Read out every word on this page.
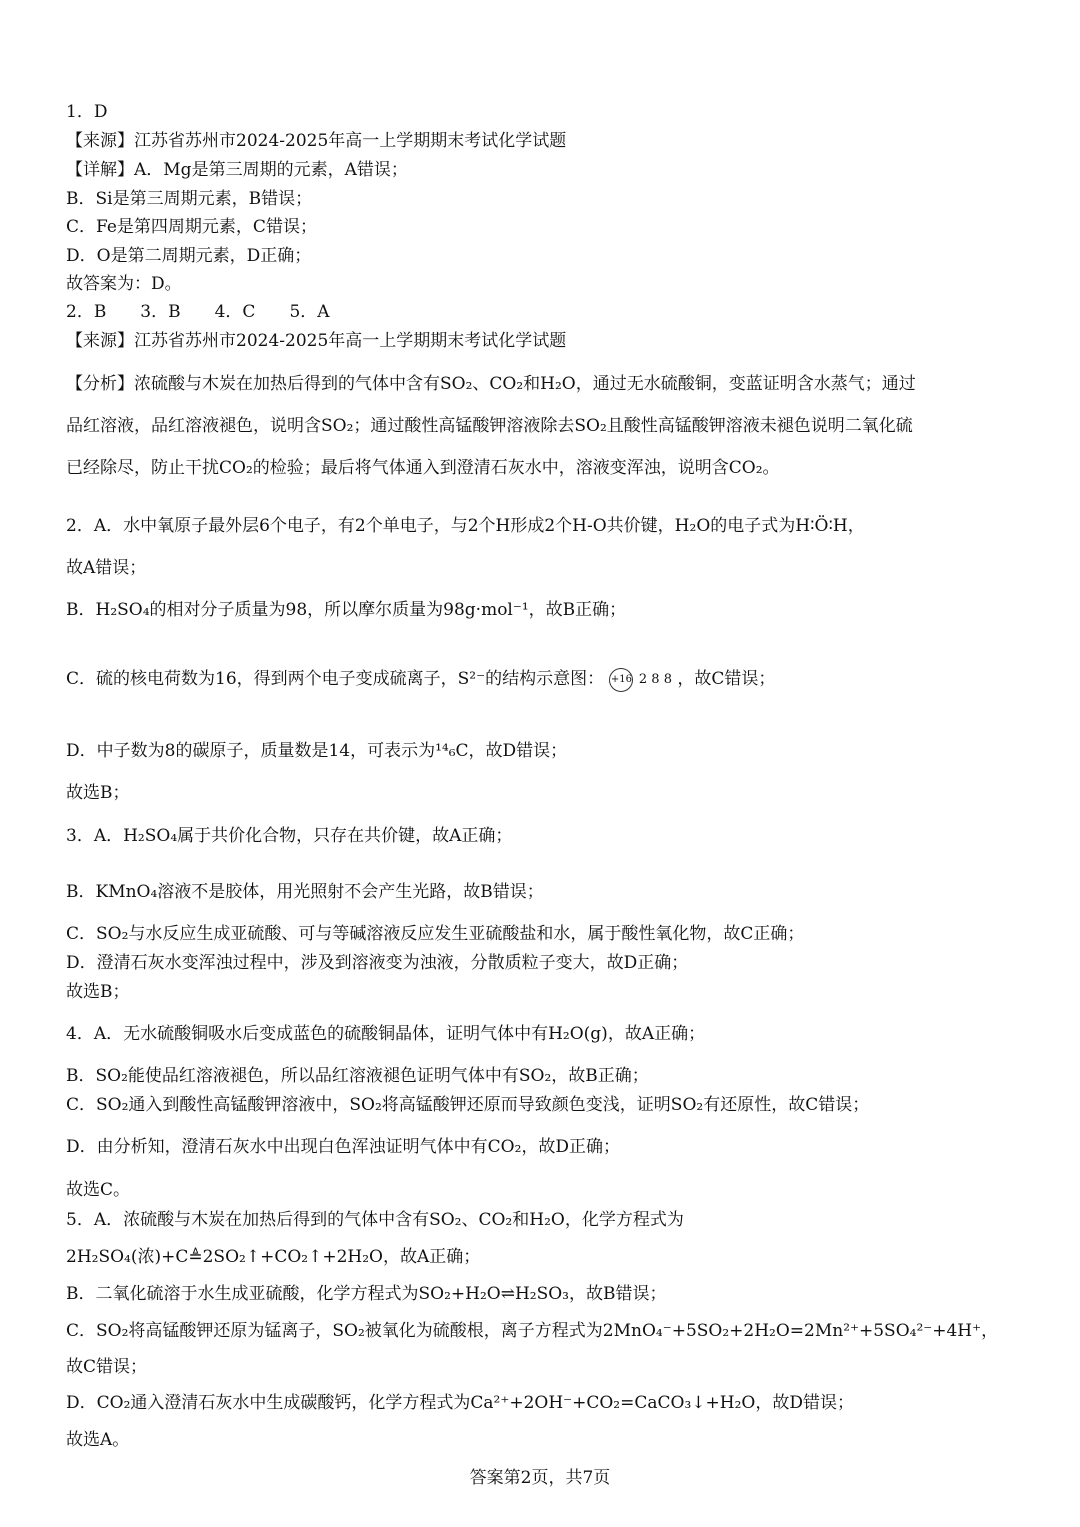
1．D
【来源】江苏省苏州市2024-2025年高一上学期期末考试化学试题
【详解】A．Mg是第三周期的元素，A错误；
B．Si是第三周期元素，B错误；
C．Fe是第四周期元素，C错误；
D．O是第二周期元素，D正确；
故答案为：D。
2．B　　3．B　　4．C　　5．A
【来源】江苏省苏州市2024-2025年高一上学期期末考试化学试题
【分析】浓硫酸与木炭在加热后得到的气体中含有SO₂、CO₂和H₂O，通过无水硫酸铜，变蓝证明含水蒸气；通过
品红溶液，品红溶液褪色，说明含SO₂；通过酸性高锰酸钾溶液除去SO₂且酸性高锰酸钾溶液未褪色说明二氧化硫
已经除尽，防止干扰CO₂的检验；最后将气体通入到澄清石灰水中，溶液变浑浊，说明含CO₂。
2．A．水中氧原子最外层6个电子，有2个单电子，与2个H形成2个H-O共价键，H₂O的电子式为H∶Ö∶H，
故A错误；
B．H₂SO₄的相对分子质量为98，所以摩尔质量为98g·mol⁻¹，故B正确；
C．硫的核电荷数为16，得到两个电子变成硫离子，S²⁻的结构示意图： +16 2 8 8 ，故C错误；
D．中子数为8的碳原子，质量数是14，可表示为¹⁴₆C，故D错误；
故选B；
3．A．H₂SO₄属于共价化合物，只存在共价键，故A正确；
B．KMnO₄溶液不是胶体，用光照射不会产生光路，故B错误；
C．SO₂与水反应生成亚硫酸、可与等碱溶液反应发生亚硫酸盐和水，属于酸性氧化物，故C正确；
D．澄清石灰水变浑浊过程中，涉及到溶液变为浊液，分散质粒子变大，故D正确；
故选B；
4．A．无水硫酸铜吸水后变成蓝色的硫酸铜晶体，证明气体中有H₂O(g)，故A正确；
B．SO₂能使品红溶液褪色，所以品红溶液褪色证明气体中有SO₂，故B正确；
C．SO₂通入到酸性高锰酸钾溶液中，SO₂将高锰酸钾还原而导致颜色变浅，证明SO₂有还原性，故C错误；
D．由分析知，澄清石灰水中出现白色浑浊证明气体中有CO₂，故D正确；
故选C。
5．A．浓硫酸与木炭在加热后得到的气体中含有SO₂、CO₂和H₂O，化学方程式为
2H₂SO₄(浓)+C≜2SO₂↑+CO₂↑+2H₂O，故A正确；
B．二氧化硫溶于水生成亚硫酸，化学方程式为SO₂+H₂O⇌H₂SO₃，故B错误；
C．SO₂将高锰酸钾还原为锰离子，SO₂被氧化为硫酸根，离子方程式为2MnO₄⁻+5SO₂+2H₂O=2Mn²⁺+5SO₄²⁻+4H⁺，
故C错误；
D．CO₂通入澄清石灰水中生成碳酸钙，化学方程式为Ca²⁺+2OH⁻+CO₂=CaCO₃↓+H₂O，故D错误；
故选A。
答案第2页，共7页
